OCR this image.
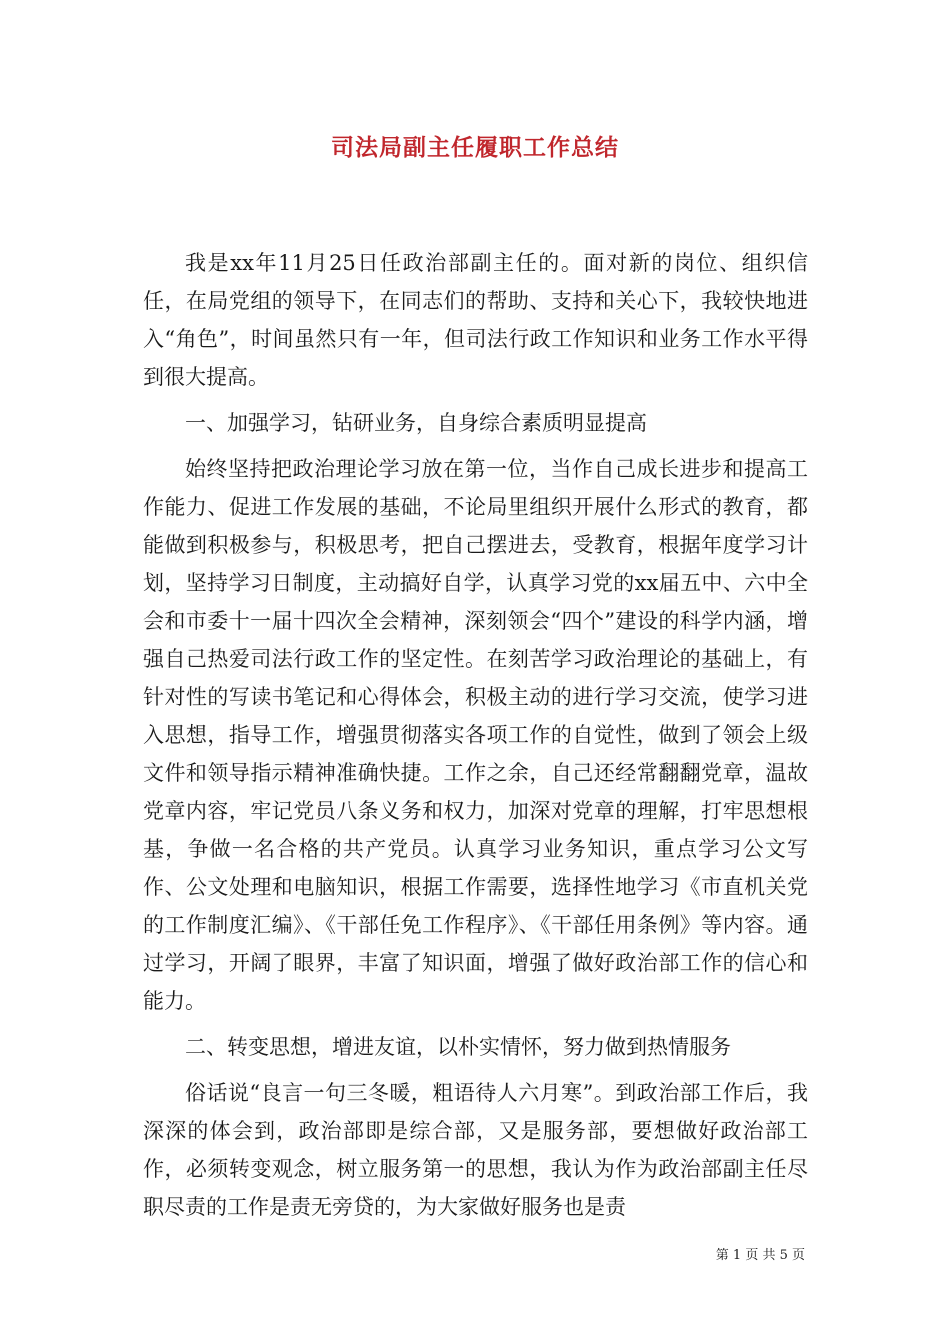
司法局副主任履职工作总结

我是xx年11月25日任政治部副主任的。面对新的岗位、组织信任，在局党组的领导下，在同志们的帮助、支持和关心下，我较快地进入“角色”，时间虽然只有一年，但司法行政工作知识和业务工作水平得到很大提高。

一、加强学习，钻研业务，自身综合素质明显提高

始终坚持把政治理论学习放在第一位，当作自己成长进步和提高工作能力、促进工作发展的基础，不论局里组织开展什么形式的教育，都能做到积极参与，积极思考，把自己摆进去，受教育，根据年度学习计划，坚持学习日制度，主动搞好自学，认真学习党的xx届五中、六中全会和市委十一届十四次全会精神，深刻领会“四个”建设的科学内涵，增强自己热爱司法行政工作的坚定性。在刻苦学习政治理论的基础上，有针对性的写读书笔记和心得体会，积极主动的进行学习交流，使学习进入思想，指导工作，增强贯彻落实各项工作的自觉性，做到了领会上级文件和领导指示精神准确快捷。工作之余，自己还经常翻翻党章，温故党章内容，牢记党员八条义务和权力，加深对党章的理解，打牢思想根基，争做一名合格的共产党员。认真学习业务知识，重点学习公文写作、公文处理和电脑知识，根据工作需要，选择性地学习《市直机关党的工作制度汇编》、《干部任免工作程序》、《干部任用条例》等内容。通过学习，开阔了眼界，丰富了知识面，增强了做好政治部工作的信心和能力。

二、转变思想，增进友谊，以朴实情怀，努力做到热情服务

俗话说“良言一句三冬暖，粗语待人六月寒”。到政治部工作后，我深深的体会到，政治部即是综合部，又是服务部，要想做好政治部工作，必须转变观念，树立服务第一的思想，我认为作为政治部副主任尽职尽责的工作是责无旁贷的，为大家做好服务也是责

第 1 页 共 5 页
